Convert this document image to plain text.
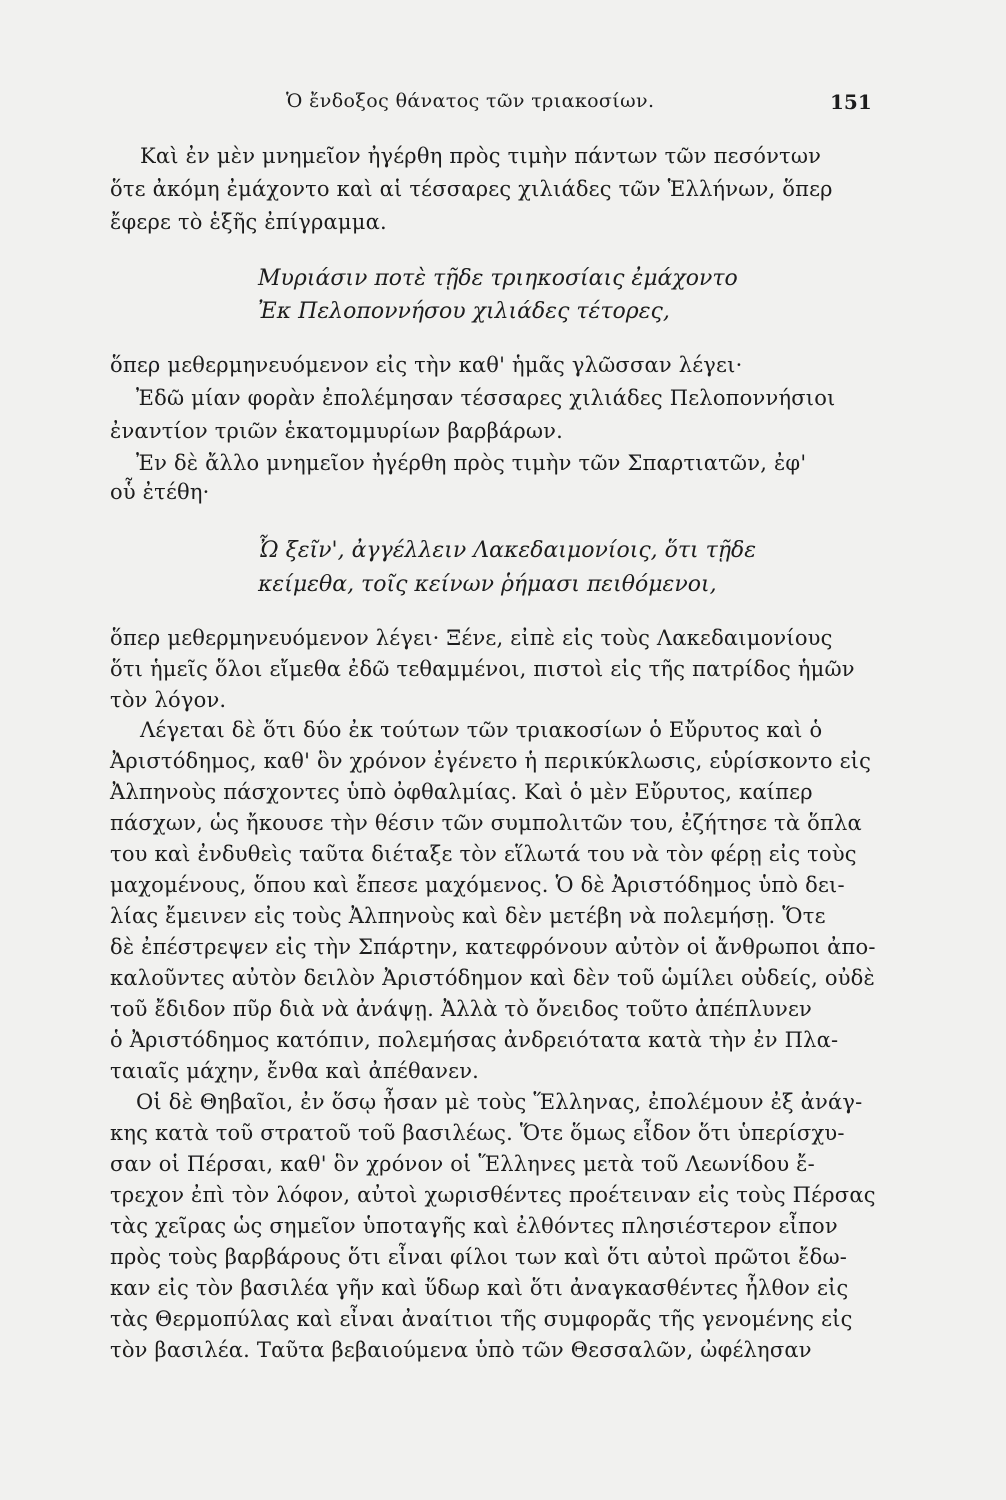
Ὁ ἔνδοξος θάνατος τῶν τριακοσίων.	151
Καὶ ἐν μὲν μνημεῖον ἠγέρθη πρὸς τιμὴν πάντων τῶν πεσόντων
ὅτε ἀκόμη ἐμάχοντο καὶ αἱ τέσσαρες χιλιάδες τῶν Ἑλλήνων, ὅπερ
ἔφερε τὸ ἑξῆς ἐπίγραμμα.
Μυριάσιν ποτὲ τῇδε τριηκοσίαις ἐμάχοντο
Ἐκ Πελοποννήσου χιλιάδες τέτορες,
ὅπερ μεθερμηνευόμενον εἰς τὴν καθ' ἡμᾶς γλῶσσαν λέγει·
Ἐδῶ μίαν φορὰν ἐπολέμησαν τέσσαρες χιλιάδες Πελοποννήσιοι
ἐναντίον τριῶν ἑκατομμυρίων βαρβάρων.
Ἐν δὲ ἄλλο μνημεῖον ἠγέρθη πρὸς τιμὴν τῶν Σπαρτιατῶν, ἐφ'
οὗ ἐτέθη·
Ὦ ξεῖν', ἀγγέλλειν Λακεδαιμονίοις, ὅτι τῇδε
κείμεθα, τοῖς κείνων ῥήμασι πειθόμενοι,
ὅπερ μεθερμηνευόμενον λέγει· Ξένε, εἰπὲ εἰς τοὺς Λακεδαιμονίους
ὅτι ἡμεῖς ὅλοι εἴμεθα ἐδῶ τεθαμμένοι, πιστοὶ εἰς τῆς πατρίδος ἡμῶν
τὸν λόγον.
Λέγεται δὲ ὅτι δύο ἐκ τούτων τῶν τριακοσίων ὁ Εὔρυτος καὶ ὁ
Ἀριστόδημος, καθ' ὃν χρόνον ἐγένετο ἡ περικύκλωσις, εὑρίσκοντο εἰς
Ἀλπηνοὺς πάσχοντες ὑπὸ ὀφθαλμίας. Καὶ ὁ μὲν Εὔρυτος, καίπερ
πάσχων, ὡς ἤκουσε τὴν θέσιν τῶν συμπολιτῶν του, ἐζήτησε τὰ ὅπλα
του καὶ ἐνδυθεὶς ταῦτα διέταξε τὸν εἵλωτά του νὰ τὸν φέρῃ εἰς τοὺς
μαχομένους, ὅπου καὶ ἔπεσε μαχόμενος. Ὁ δὲ Ἀριστόδημος ὑπὸ δει-
λίας ἔμεινεν εἰς τοὺς Ἀλπηνοὺς καὶ δὲν μετέβη νὰ πολεμήσῃ. Ὅτε
δὲ ἐπέστρεψεν εἰς τὴν Σπάρτην, κατεφρόνουν αὐτὸν οἱ ἄνθρωποι ἀπο-
καλοῦντες αὐτὸν δειλὸν Ἀριστόδημον καὶ δὲν τοῦ ὡμίλει οὐδείς, οὐδὲ
τοῦ ἔδιδον πῦρ διὰ νὰ ἀνάψῃ. Ἀλλὰ τὸ ὄνειδος τοῦτο ἀπέπλυνεν
ὁ Ἀριστόδημος κατόπιν, πολεμήσας ἀνδρειότατα κατὰ τὴν ἐν Πλα-
ταιαῖς μάχην, ἔνθα καὶ ἀπέθανεν.
Οἱ δὲ Θηβαῖοι, ἐν ὅσῳ ἦσαν μὲ τοὺς Ἕλληνας, ἐπολέμουν ἐξ ἀνάγ-
κης κατὰ τοῦ στρατοῦ τοῦ βασιλέως. Ὅτε ὅμως εἶδον ὅτι ὑπερίσχυ-
σαν οἱ Πέρσαι, καθ' ὃν χρόνον οἱ Ἕλληνες μετὰ τοῦ Λεωνίδου ἔ-
τρεχον ἐπὶ τὸν λόφον, αὐτοὶ χωρισθέντες προέτειναν εἰς τοὺς Πέρσας
τὰς χεῖρας ὡς σημεῖον ὑποταγῆς καὶ ἐλθόντες πλησιέστερον εἶπον
πρὸς τοὺς βαρβάρους ὅτι εἶναι φίλοι των καὶ ὅτι αὐτοὶ πρῶτοι ἔδω-
καν εἰς τὸν βασιλέα γῆν καὶ ὕδωρ καὶ ὅτι ἀναγκασθέντες ἦλθον εἰς
τὰς Θερμοπύλας καὶ εἶναι ἀναίτιοι τῆς συμφορᾶς τῆς γενομένης εἰς
τὸν βασιλέα. Ταῦτα βεβαιούμενα ὑπὸ τῶν Θεσσαλῶν, ὠφέλησαν
